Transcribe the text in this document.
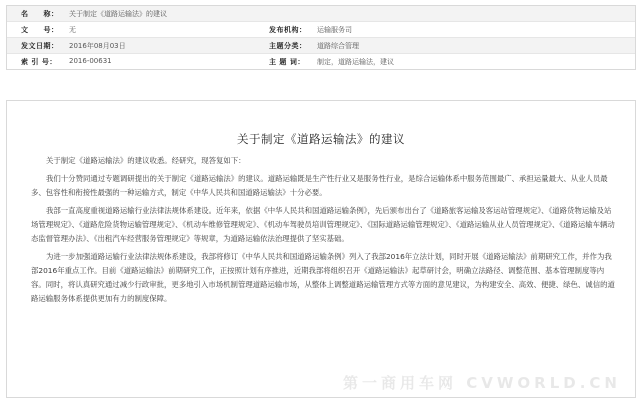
名　　称：	关于制定《道路运输法》的建议
文　　号：	无	发布机构：	运输服务司
发文日期：	2016年08月03日	主题分类：	道路综合管理
索 引 号：	2016-00631	主 题 词：	制定，道路运输法，建议
关于制定《道路运输法》的建议

关于制定《道路运输法》的建议收悉。经研究，现答复如下：

我们十分赞同通过专题调研提出的关于制定《道路运输法》的建议。道路运输既是生产性行业又是服务性行业，是综合运输体系中服务范围最广、承担运量最大、从业人员最多、包容性和衔接性最强的一种运输方式，制定《中华人民共和国道路运输法》十分必要。

我部一直高度重视道路运输行业法律法规体系建设。近年来，依据《中华人民共和国道路运输条例》，先后颁布出台了《道路旅客运输及客运站管理规定》、《道路货物运输及站场管理规定》、《道路危险货物运输管理规定》、《机动车维修管理规定》、《机动车驾驶员培训管理规定》、《国际道路运输管理规定》、《道路运输从业人员管理规定》、《道路运输车辆动态监督管理办法》、《出租汽车经营服务管理规定》等规章，为道路运输依法治理提供了坚实基础。

为进一步加强道路运输行业法律法规体系建设，我部将修订《中华人民共和国道路运输条例》列入了我部2016年立法计划，同时开展《道路运输法》前期研究工作，并作为我部2016年重点工作。目前《道路运输法》前期研究工作，正按照计划有序推进，近期我部将组织召开《道路运输法》起草研讨会，明确立法路径、调整范围、基本管理制度等内容。同时，将认真研究通过减少行政审批，更多地引入市场机制管理道路运输市场，从整体上调整道路运输管理方式等方面的意见建议，为构建安全、高效、便捷、绿色、诚信的道路运输服务体系提供更加有力的制度保障。

第一商用车网 CVWORLD.CN
